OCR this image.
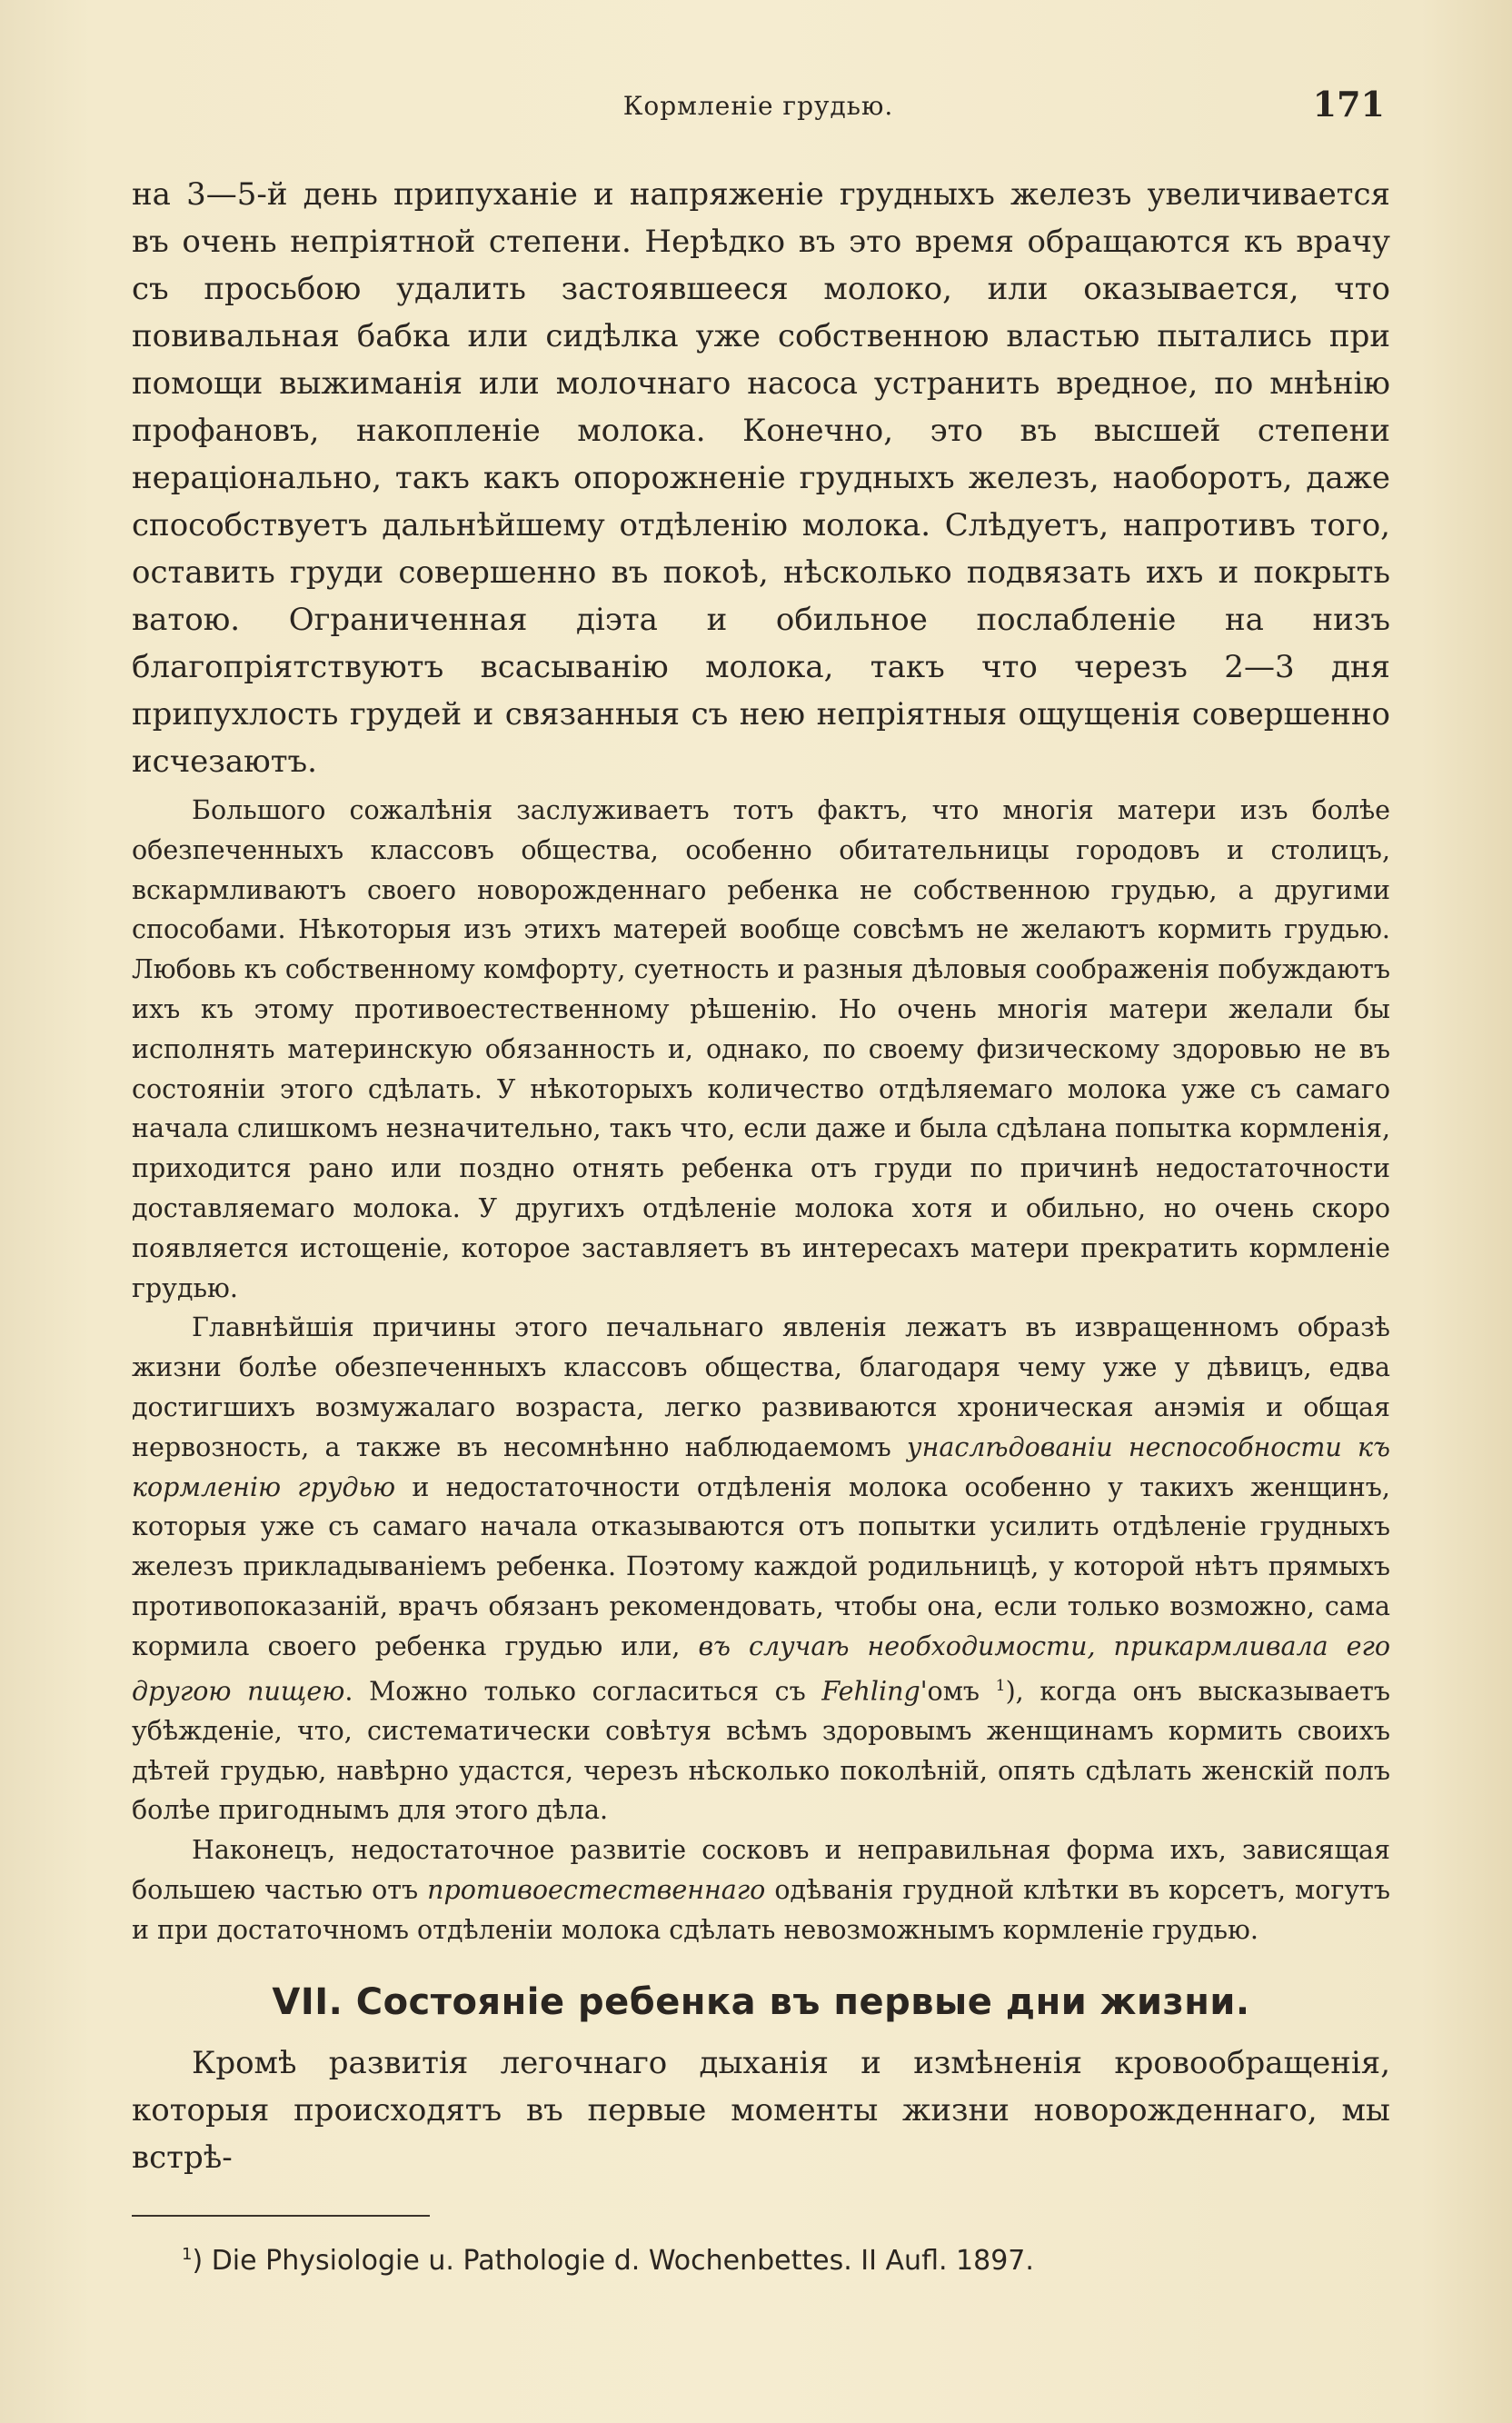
Кормленіе грудью.	171

на 3—5-й день припуханіе и напряженіе грудныхъ железъ увеличивается въ очень непріятной степени. Нерѣдко въ это время обращаются къ врачу съ просьбою удалить застоявшееся молоко, или оказывается, что повивальная бабка или сидѣлка уже собственною властью пытались при помощи выжиманія или молочнаго насоса устранить вредное, по мнѣнію профановъ, накопленіе молока. Конечно, это въ высшей степени нераціонально, такъ какъ опорожненіе грудныхъ железъ, наоборотъ, даже способствуетъ дальнѣйшему отдѣленію молока. Слѣдуетъ, напротивъ того, оставить груди совершенно въ покоѣ, нѣсколько подвязать ихъ и покрыть ватою. Ограниченная діэта и обильное послабленіе на низъ благопріятствуютъ всасыванію молока, такъ что черезъ 2—3 дня припухлость грудей и связанныя съ нею непріятныя ощущенія совершенно исчезаютъ.

Большого сожалѣнія заслуживаетъ тотъ фактъ, что многія матери изъ болѣе обезпеченныхъ классовъ общества, особенно обитательницы городовъ и столицъ, вскармливаютъ своего новорожденнаго ребенка не собственною грудью, а другими способами. Нѣкоторыя изъ этихъ матерей вообще совсѣмъ не желаютъ кормить грудью. Любовь къ собственному комфорту, суетность и разныя дѣловыя соображенія побуждаютъ ихъ къ этому противоестественному рѣшенію. Но очень многія матери желали бы исполнять материнскую обязанность и, однако, по своему физическому здоровью не въ состояніи этого сдѣлать. У нѣкоторыхъ количество отдѣляемаго молока уже съ самаго начала слишкомъ незначительно, такъ что, если даже и была сдѣлана попытка кормленія, приходится рано или поздно отнять ребенка отъ груди по причинѣ недостаточности доставляемаго молока. У другихъ отдѣленіе молока хотя и обильно, но очень скоро появляется истощеніе, которое заставляетъ въ интересахъ матери прекратить кормленіе грудью.

Главнѣйшія причины этого печальнаго явленія лежатъ въ извращенномъ образѣ жизни болѣе обезпеченныхъ классовъ общества, благодаря чему уже у дѣвицъ, едва достигшихъ возмужалаго возраста, легко развиваются хроническая анэмія и общая нервозность, а также въ несомнѣнно наблюдаемомъ унаслѣдованіи неспособности къ кормленію грудью и недостаточности отдѣленія молока особенно у такихъ женщинъ, которыя уже съ самаго начала отказываются отъ попытки усилить отдѣленіе грудныхъ железъ прикладываніемъ ребенка. Поэтому каждой родильницѣ, у которой нѣтъ прямыхъ противопоказаній, врачъ обязанъ рекомендовать, чтобы она, если только возможно, сама кормила своего ребенка грудью или, въ случаѣ необходимости, прикармливала его другою пищею. Можно только согласиться съ Fehling'омъ $^1$), когда онъ высказываетъ убѣжденіе, что, систематически совѣтуя всѣмъ здоровымъ женщинамъ кормить своихъ дѣтей грудью, навѣрно удастся, черезъ нѣсколько поколѣній, опять сдѣлать женскій полъ болѣе пригоднымъ для этого дѣла.

Наконецъ, недостаточное развитіе сосковъ и неправильная форма ихъ, зависящая большею частью отъ противоестественнаго одѣванія грудной клѣтки въ корсетъ, могутъ и при достаточномъ отдѣленіи молока сдѣлать невозможнымъ кормленіе грудью.

VII. Состояніе ребенка въ первые дни жизни.

Кромѣ развитія легочнаго дыханія и измѣненія кровообращенія, которыя происходятъ въ первые моменты жизни новорожденнаго, мы встрѣ-

$^1$) Die Physiologie u. Pathologie d. Wochenbettes. II Aufl. 1897.
